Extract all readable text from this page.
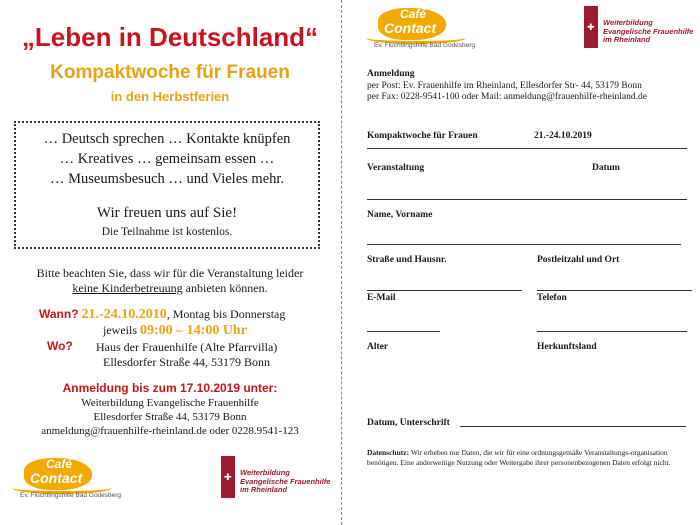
„Leben in Deutschland“
Kompaktwoche für Frauen
in den Herbstferien
… Deutsch sprechen … Kontakte knüpfen
… Kreatives … gemeinsam essen …
… Museumsbesuch … und Vieles mehr.
Wir freuen uns auf Sie!
Die Teilnahme ist kostenlos.
Bitte beachten Sie, dass wir für die Veranstaltung leider
keine Kinderbetreuung anbieten können.
Wann? 21.-24.10.2010, Montag bis Donnerstag
jeweils 09:00 – 14:00 Uhr
Wo? Haus der Frauenhilfe (Alte Pfarrvilla)
Ellesdorfer Straße 44, 53179 Bonn
Anmeldung bis zum 17.10.2019 unter:
Weiterbildung Evangelische Frauenhilfe
Ellesdorfer Straße 44, 53179 Bonn
anmeldung@frauenhilfe-rheinland.de oder 0228.9541-123
Café
Contact
Ev. Flüchtlingshilfe Bad Godesberg
✚
Weiterbildung
Evangelische Frauenhilfe
im Rheinland
Café
Contact
Ev. Flüchtlingshilfe Bad Godesberg
✚
Weiterbildung
Evangelische Frauenhilfe
im Rheinland
Anmeldung
per Post: Ev. Frauenhilfe im Rheinland, Ellesdorfer Str- 44, 53179 Bonn
per Fax: 0228-9541-100 oder Mail: anmeldung@frauenhilfe-rheinland.de
Kompaktwoche für Frauen	21.-24.10.2019
Veranstaltung	Datum
Name, Vorname
Straße und Hausnr.	Postleitzahl und Ort
E-Mail	Telefon
Alter	Herkunftsland
Datum, Unterschrift
Datenschutz: Wir erheben nur Daten, die wir für eine ordnungsgemäße Veranstaltungs-organisation benötigen. Eine anderweitige Nutzung oder Weitergabe ihrer personenbezogenen Daten erfolgt nicht.
